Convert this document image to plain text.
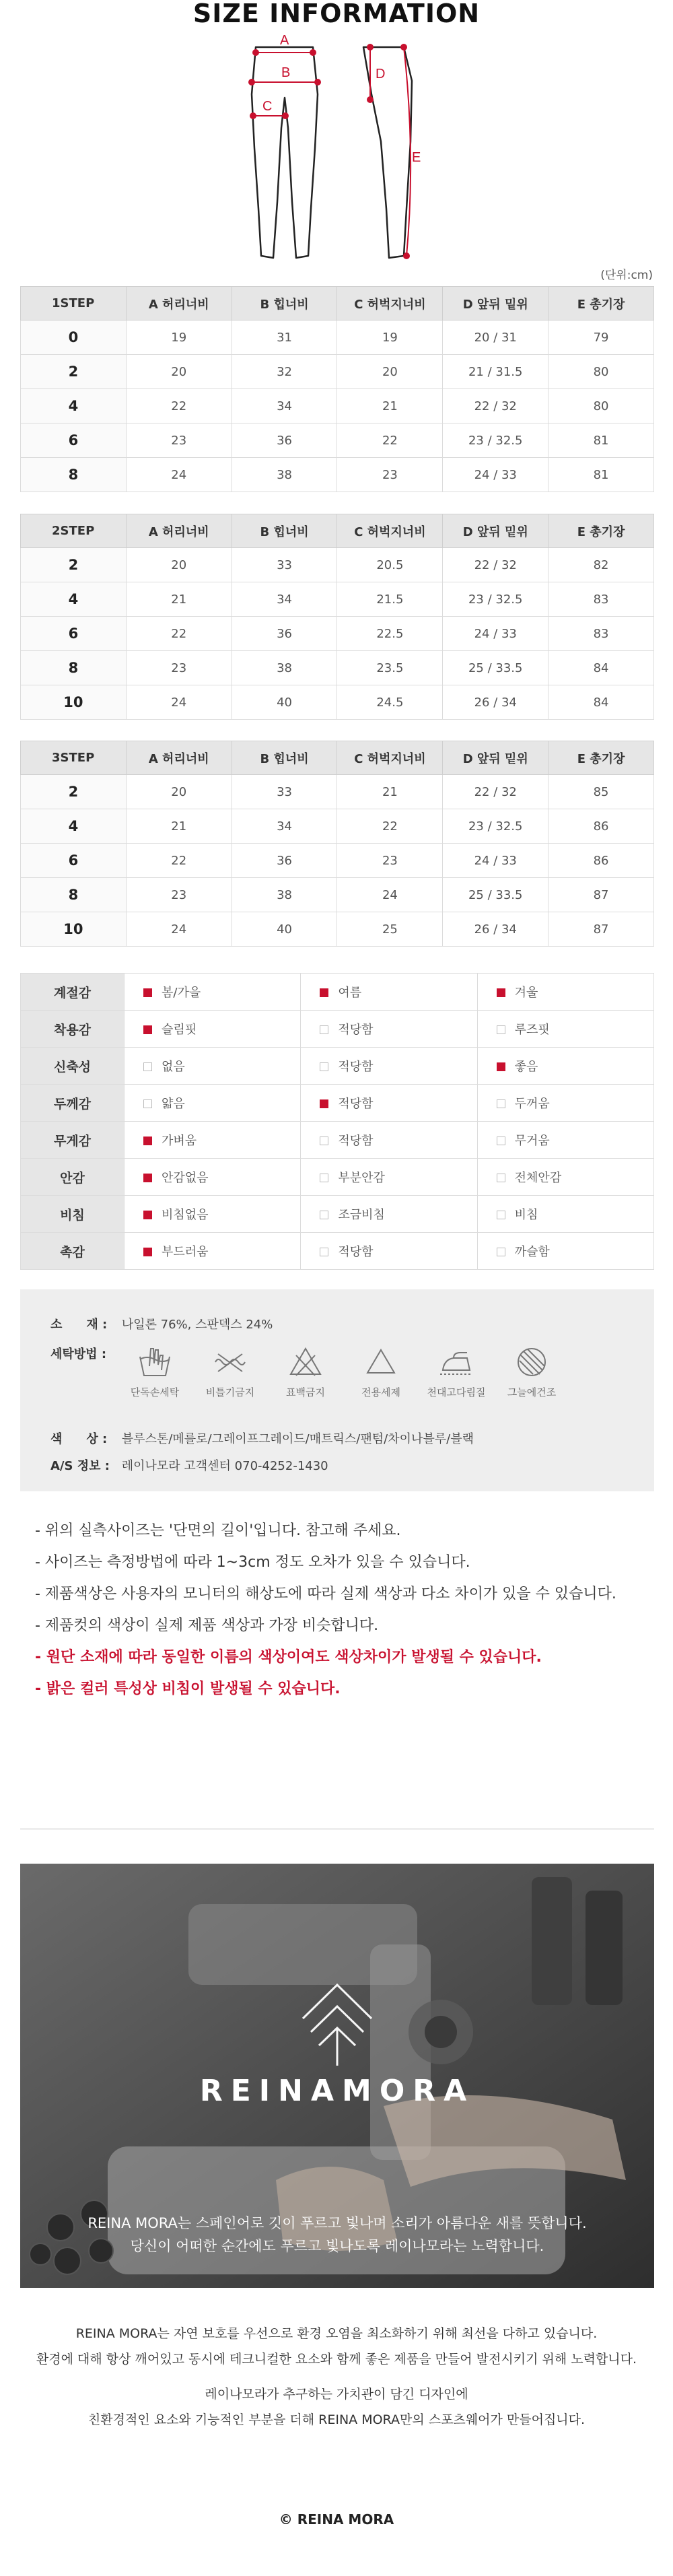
SIZE INFORMATION
A
B
C
D
E
(단위:cm)
1STEP	A 허리너비	B 힙너비	C 허벅지너비	D 앞뒤 밑위	E 총기장
0	19	31	19	20 / 31	79
2	20	32	20	21 / 31.5	80
4	22	34	21	22 / 32	80
6	23	36	22	23 / 32.5	81
8	24	38	23	24 / 33	81
2STEP	A 허리너비	B 힙너비	C 허벅지너비	D 앞뒤 밑위	E 총기장
2	20	33	20.5	22 / 32	82
4	21	34	21.5	23 / 32.5	83
6	22	36	22.5	24 / 33	83
8	23	38	23.5	25 / 33.5	84
10	24	40	24.5	26 / 34	84
3STEP	A 허리너비	B 힙너비	C 허벅지너비	D 앞뒤 밑위	E 총기장
2	20	33	21	22 / 32	85
4	21	34	22	23 / 32.5	86
6	22	36	23	24 / 33	86
8	23	38	24	25 / 33.5	87
10	24	40	25	26 / 34	87
계절감	봄/가을	여름	겨울
착용감	슬림핏	적당함	루즈핏
신축성	없음	적당함	좋음
두께감	얇음	적당함	두꺼움
무게감	가벼움	적당함	무거움
안감	안감없음	부분안감	전체안감
비침	비침없음	조금비침	비침
촉감	부드러움	적당함	까슬함
소　　재 : 나일론 76%, 스판덱스 24%
세탁방법 :
단독손세탁	비틀기금지	표백금지	전용세제	천대고다림질	그늘에건조
색　　상 : 블루스톤/메를로/그레이프그레이드/매트릭스/팬텀/차이나블루/블랙
A/S 정보 : 레이나모라 고객센터 070-4252-1430

- 위의 실측사이즈는 '단면의 길이'입니다. 참고해 주세요.

- 사이즈는 측정방법에 따라 1~3cm 정도 오차가 있을 수 있습니다.

- 제품색상은 사용자의 모니터의 해상도에 따라 실제 색상과 다소 차이가 있을 수 있습니다.

- 제품컷의 색상이 실제 제품 색상과 가장 비슷합니다.

- 원단 소재에 따라 동일한 이름의 색상이여도 색상차이가 발생될 수 있습니다.

- 밝은 컬러 특성상 비침이 발생될 수 있습니다.

REINAMORA
REINA MORA는 스페인어로 깃이 푸르고 빛나며 소리가 아름다운 새를 뜻합니다.
당신이 어떠한 순간에도 푸르고 빛나도록 레이나모라는 노력합니다.

REINA MORA는 자연 보호를 우선으로 환경 오염을 최소화하기 위해 최선을 다하고 있습니다.

환경에 대해 항상 깨어있고 동시에 테크니컬한 요소와 함께 좋은 제품을 만들어 발전시키기 위해 노력합니다.

레이나모라가 추구하는 가치관이 담긴 디자인에

친환경적인 요소와 기능적인 부분을 더해 REINA MORA만의 스포츠웨어가 만들어집니다.

© REINA MORA
